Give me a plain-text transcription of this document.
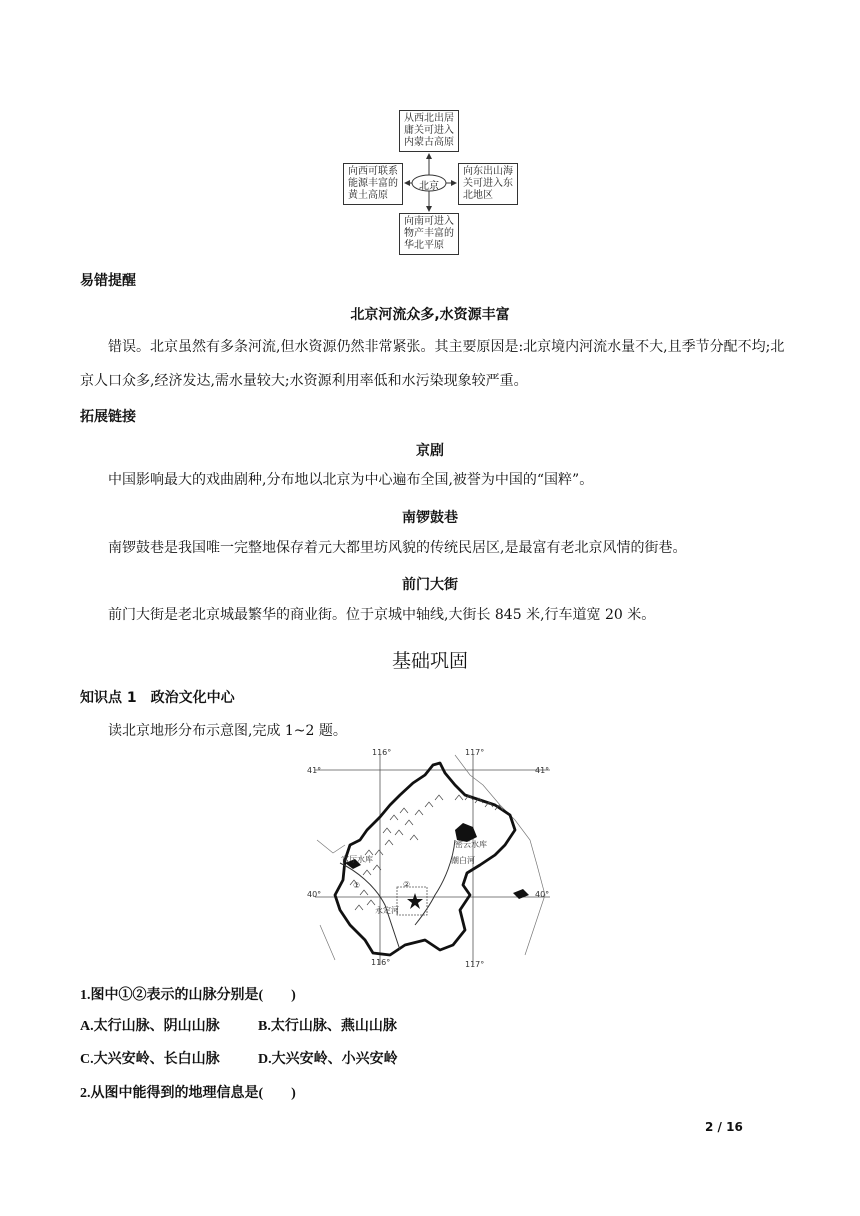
从西北出居庸关可进入内蒙古高原
向西可联系能源丰富的黄土高原
向东出山海关可进入东北地区
向南可进入物产丰富的华北平原
北京
易错提醒
北京河流众多,水资源丰富
错误。北京虽然有多条河流,但水资源仍然非常紧张。其主要原因是:北京境内河流水量不大,且季节分配不均;北京人口众多,经济发达,需水量较大;水资源利用率低和水污染现象较严重。
拓展链接
京剧
中国影响最大的戏曲剧种,分布地以北京为中心遍布全国,被誉为中国的“国粹”。
南锣鼓巷
南锣鼓巷是我国唯一完整地保存着元大都里坊风貌的传统民居区,是最富有老北京风情的街巷。
前门大街
前门大街是老北京城最繁华的商业街。位于京城中轴线,大街长 845 米,行车道宽 20 米。
基础巩固
知识点 1　政治文化中心
读北京地形分布示意图,完成 1~2 题。
116°	117°
41°	41°
40°	40°
116°	117°
官厅水库
密云水库
潮白河
永定河
①	②
1.图中①②表示的山脉分别是(　　)
A.太行山脉、阴山山脉	B.太行山脉、燕山山脉
C.大兴安岭、长白山脉	D.大兴安岭、小兴安岭
2.从图中能得到的地理信息是(　　)
2 / 16
